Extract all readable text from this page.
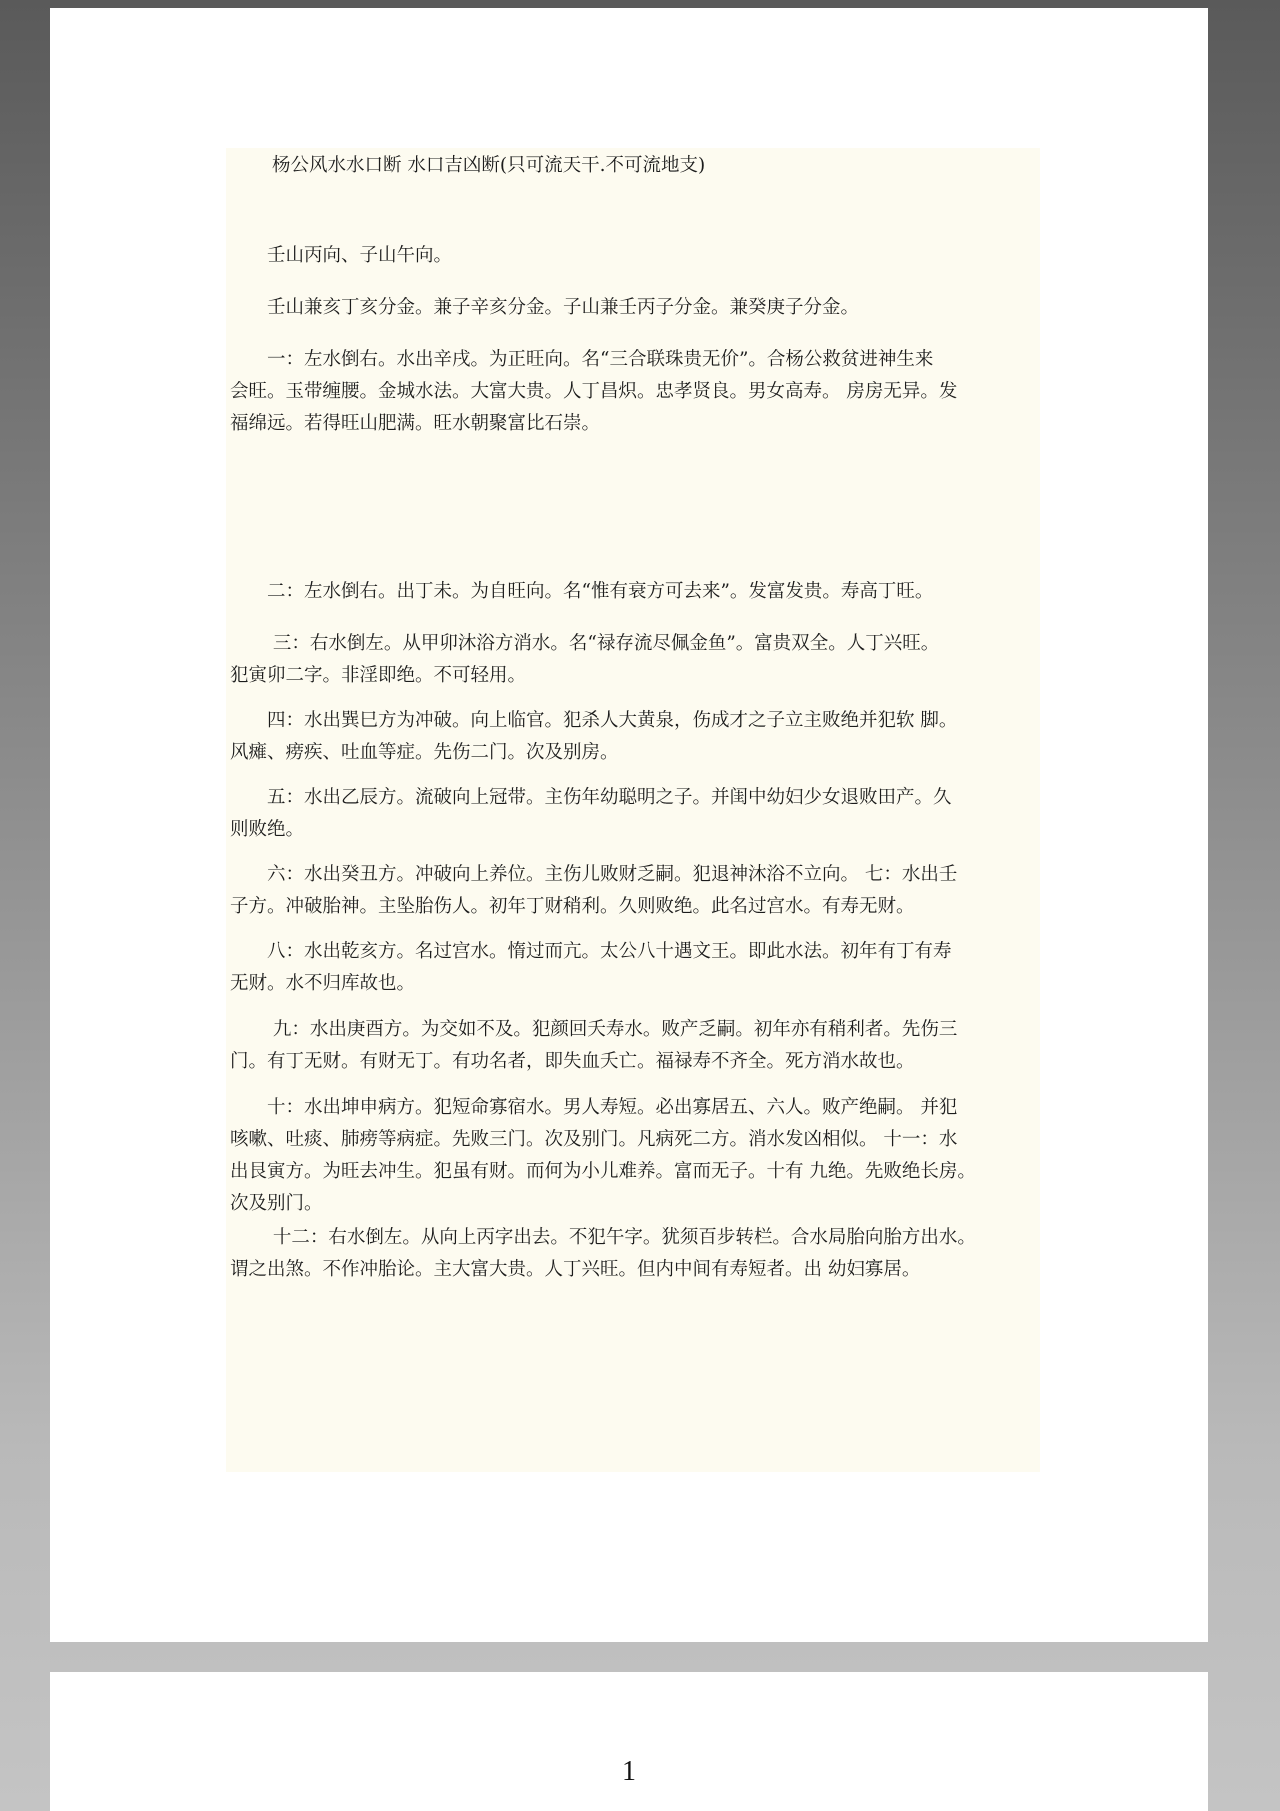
杨公风水水口断 水口吉凶断(只可流天干.不可流地支)

　　壬山丙向、子山午向。

　　壬山兼亥丁亥分金。兼子辛亥分金。子山兼壬丙子分金。兼癸庚子分金。

　　一：左水倒右。水出辛戌。为正旺向。名“三合联珠贵无价”。合杨公救贫进神生来

会旺。玉带缠腰。金城水法。大富大贵。人丁昌炽。忠孝贤良。男女高寿。 房房无异。发

福绵远。若得旺山肥满。旺水朝聚富比石崇。

　　二：左水倒右。出丁未。为自旺向。名“惟有衰方可去来”。发富发贵。寿高丁旺。

　　 三：右水倒左。从甲卯沐浴方消水。名“禄存流尽佩金鱼”。富贵双全。人丁兴旺。

犯寅卯二字。非淫即绝。不可轻用。

　　四：水出巽巳方为冲破。向上临官。犯杀人大黄泉，伤成才之子立主败绝并犯软 脚。

风瘫、痨疾、吐血等症。先伤二门。次及别房。

　　五：水出乙辰方。流破向上冠带。主伤年幼聪明之子。并闺中幼妇少女退败田产。久

则败绝。

　　六：水出癸丑方。冲破向上养位。主伤儿败财乏嗣。犯退神沐浴不立向。 七：水出壬

子方。冲破胎神。主坠胎伤人。初年丁财稍利。久则败绝。此名过宫水。有寿无财。

　　八：水出乾亥方。名过宫水。惰过而亢。太公八十遇文王。即此水法。初年有丁有寿

无财。水不归库故也。

　　 九：水出庚酉方。为交如不及。犯颜回夭寿水。败产乏嗣。初年亦有稍利者。先伤三

门。有丁无财。有财无丁。有功名者，即失血夭亡。福禄寿不齐全。死方消水故也。

　　十：水出坤申病方。犯短命寡宿水。男人寿短。必出寡居五、六人。败产绝嗣。 并犯

咳嗽、吐痰、肺痨等病症。先败三门。次及别门。凡病死二方。消水发凶相似。 十一：水

出艮寅方。为旺去冲生。犯虽有财。而何为小儿难养。富而无子。十有 九绝。先败绝长房。

次及别门。

　　 十二：右水倒左。从向上丙字出去。不犯午字。犹须百步转栏。合水局胎向胎方出水。

谓之出煞。不作冲胎论。主大富大贵。人丁兴旺。但内中间有寿短者。出 幼妇寡居。

1
